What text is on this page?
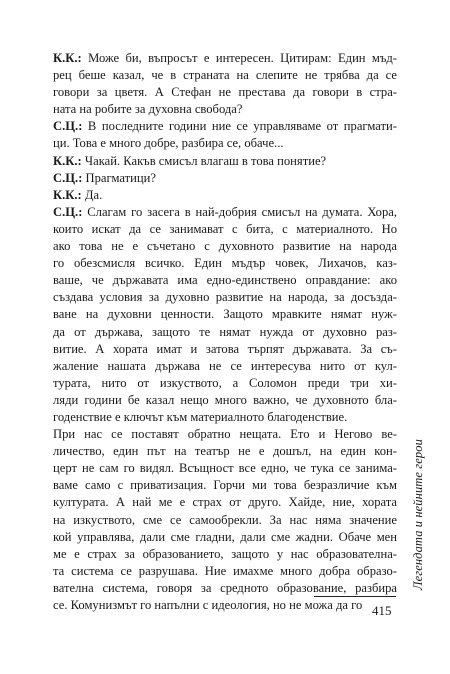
К.К.: Може би, въпросът е интересен. Цитирам: Един мъд-
рец беше казал, че в страната на слепите не трябва да се
говори за цветя. А Стефан не престава да говори в стра-
ната на робите за духовна свобода?
С.Ц.: В последните години ние се управляваме от прагмати-
ци. Това е много добре, разбира се, обаче...
К.К.: Чакай. Какъв смисъл влагаш в това понятие?
С.Ц.: Прагматици?
К.К.: Да.
С.Ц.: Слагам го засега в най-добрия смисъл на думата. Хора,
които искат да се занимават с бита, с материалното. Но
ако това не е съчетано с духовното развитие на народа
го обезсмисля всичко. Един мъдър човек, Лихачов, каз-
ваше, че държавата има едно-единствено оправдание: ако
създава условия за духовно развитие на народа, за досъзда-
ване на духовни ценности. Защото мравките нямат нуж-
да от държава, защото те нямат нужда от духовно раз-
витие. А хората имат и затова търпят държавата. За съ-
жаление нашата държава не се интересува нито от кул-
турата, нито от изкуството, а Соломон преди три хи-
ляди години бе казал нещо много важно, че духовното бла-
годенствие е ключът към материалното благоденствие.
При нас се поставят обратно нещата. Ето и Негово ве-
личество, един път на театър не е дошъл, на един кон-
церт не сам го видял. Всъщност все едно, че тука се занима-
ваме само с приватизация. Горчи ми това безразличие към
културата. А най ме е страх от друго. Хайде, ние, хората
на изкуството, сме се самообрекли. За нас няма значение
кой управлява, дали сме гладни, дали сме жадни. Обаче мен
ме е страх за образованието, защото у нас образователна-
та система се разрушава. Ние имахме много добра образо-
вателна система, говоря за средното образование, разбира
се. Комунизмът го напълни с идеология, но не можа да го
Легендата и нейните герои
415
